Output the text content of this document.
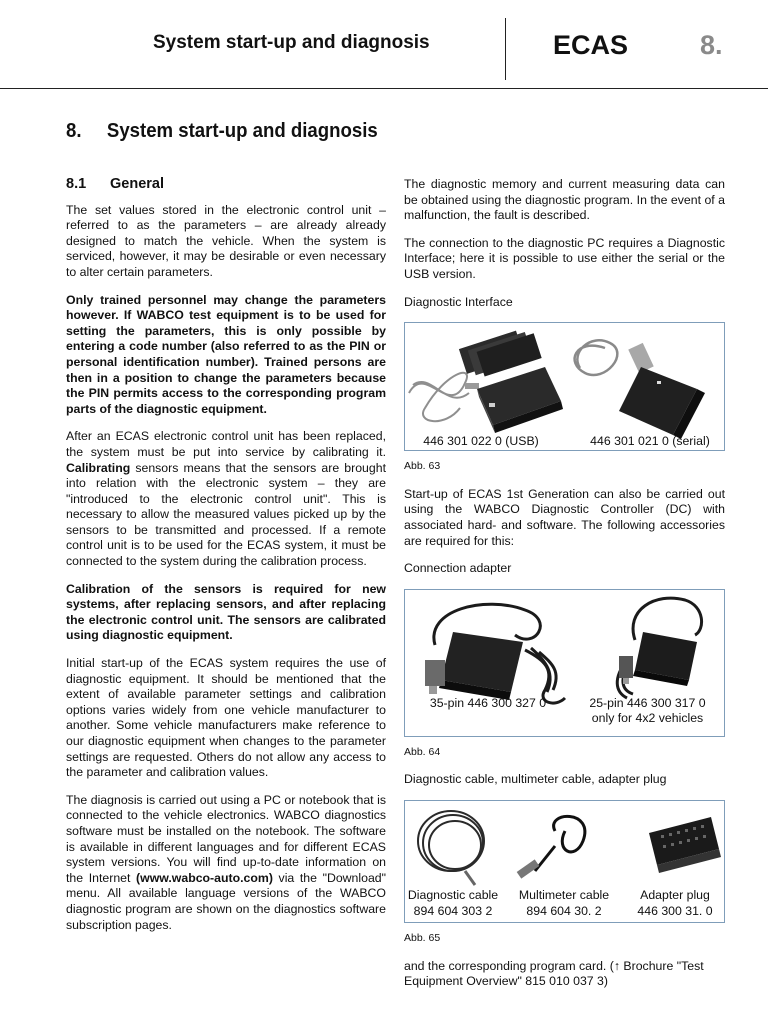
System start-up and diagnosis	ECAS	8.
8. System start-up and diagnosis
8.1 General

The set values stored in the electronic control unit – referred to as the parameters – are already already designed to match the vehicle. When the system is serviced, however, it may be desirable or even necessary to alter certain parameters.

Only trained personnel may change the parameters however. If WABCO test equipment is to be used for setting the parameters, this is only possible by entering a code number (also referred to as the PIN or personal identification number). Trained persons are then in a position to change the parameters because the PIN permits access to the corresponding program parts of the diagnostic equipment.

After an ECAS electronic control unit has been replaced, the system must be put into service by calibrating it. Calibrating sensors means that the sensors are brought into relation with the electronic system – they are "introduced to the electronic control unit". This is necessary to allow the measured values picked up by the sensors to be transmitted and processed. If a remote control unit is to be used for the ECAS system, it must be connected to the system during the calibration process.

Calibration of the sensors is required for new systems, after replacing sensors, and after replacing the electronic control unit. The sensors are calibrated using diagnostic equipment.

Initial start-up of the ECAS system requires the use of diagnostic equipment. It should be mentioned that the extent of available parameter settings and calibration options varies widely from one vehicle manufacturer to another. Some vehicle manufacturers make reference to our diagnostic equipment when changes to the parameter settings are requested. Others do not allow any access to the parameter and calibration values.

The diagnosis is carried out using a PC or notebook that is connected to the vehicle electronics. WABCO diagnostics software must be installed on the notebook. The software is available in different languages and for different ECAS system versions. You will find up-to-date information on the Internet (www.wabco-auto.com) via the "Download" menu. All available language versions of the WABCO diagnostic program are shown on the diagnostics software subscription pages.

The diagnostic memory and current measuring data can be obtained using the diagnostic program. In the event of a malfunction, the fault is described.

The connection to the diagnostic PC requires a Diagnostic Interface; here it is possible to use either the serial or the USB version.

Diagnostic Interface
446 301 022 0 (USB)	446 301 021 0 (serial)
Abb. 63

Start-up of ECAS 1st Generation can also be carried out using the WABCO Diagnostic Controller (DC) with associated hard- and software. The following accessories are required for this:

Connection adapter
35-pin 446 300 327 0	25-pin 446 300 317 0
only for 4x2 vehicles
Abb. 64
Diagnostic cable, multimeter cable, adapter plug
Diagnostic cable
894 604 303 2
Multimeter cable
894 604 30. 2
Adapter plug
446 300 31. 0
Abb. 65

and the corresponding program card. (↑ Brochure "Test Equipment Overview" 815 010 037 3)
